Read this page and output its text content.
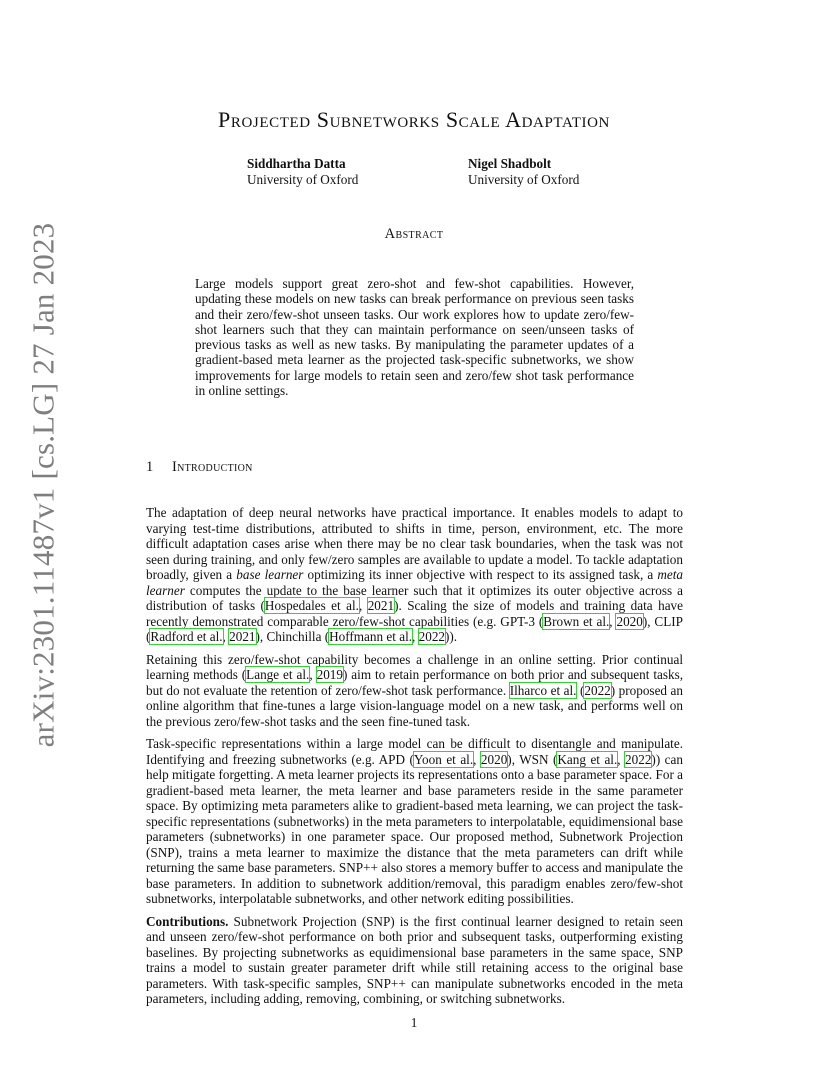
arXiv:2301.11487v1 [cs.LG] 27 Jan 2023
Projected Subnetworks Scale Adaptation
Siddhartha Datta
University of Oxford
Nigel Shadbolt
University of Oxford
Abstract

Large models support great zero-shot and few-shot capabilities. However, updating these models on new tasks can break performance on previous seen tasks and their zero/few-shot unseen tasks. Our work explores how to update zero/few-shot learners such that they can maintain performance on seen/unseen tasks of previous tasks as well as new tasks. By manipulating the parameter updates of a gradient-based meta learner as the projected task-specific subnetworks, we show improvements for large models to retain seen and zero/few shot task performance in online settings.

1 Introduction

The adaptation of deep neural networks have practical importance. It enables models to adapt to varying test-time distributions, attributed to shifts in time, person, environment, etc. The more difficult adaptation cases arise when there may be no clear task boundaries, when the task was not seen during training, and only few/zero samples are available to update a model. To tackle adaptation broadly, given a base learner optimizing its inner objective with respect to its assigned task, a meta learner computes the update to the base learner such that it optimizes its outer objective across a distribution of tasks (Hospedales et al., 2021). Scaling the size of models and training data have recently demonstrated comparable zero/few-shot capabilities (e.g. GPT-3 (Brown et al., 2020), CLIP (Radford et al., 2021), Chinchilla (Hoffmann et al., 2022)).

Retaining this zero/few-shot capability becomes a challenge in an online setting. Prior continual learning methods (Lange et al., 2019) aim to retain performance on both prior and subsequent tasks, but do not evaluate the retention of zero/few-shot task performance. Ilharco et al. (2022) proposed an online algorithm that fine-tunes a large vision-language model on a new task, and performs well on the previous zero/few-shot tasks and the seen fine-tuned task.

Task-specific representations within a large model can be difficult to disentangle and manipulate. Identifying and freezing subnetworks (e.g. APD (Yoon et al., 2020), WSN (Kang et al., 2022)) can help mitigate forgetting. A meta learner projects its representations onto a base parameter space. For a gradient-based meta learner, the meta learner and base parameters reside in the same parameter space. By optimizing meta parameters alike to gradient-based meta learning, we can project the task-specific representations (subnetworks) in the meta parameters to interpolatable, equidimensional base parameters (subnetworks) in one parameter space. Our proposed method, Subnetwork Projection (SNP), trains a meta learner to maximize the distance that the meta parameters can drift while returning the same base parameters. SNP++ also stores a memory buffer to access and manipulate the base parameters. In addition to subnetwork addition/removal, this paradigm enables zero/few-shot subnetworks, interpolatable subnetworks, and other network editing possibilities.

Contributions. Subnetwork Projection (SNP) is the first continual learner designed to retain seen and unseen zero/few-shot performance on both prior and subsequent tasks, outperforming existing baselines. By projecting subnetworks as equidimensional base parameters in the same space, SNP trains a model to sustain greater parameter drift while still retaining access to the original base parameters. With task-specific samples, SNP++ can manipulate subnetworks encoded in the meta parameters, including adding, removing, combining, or switching subnetworks.

1
